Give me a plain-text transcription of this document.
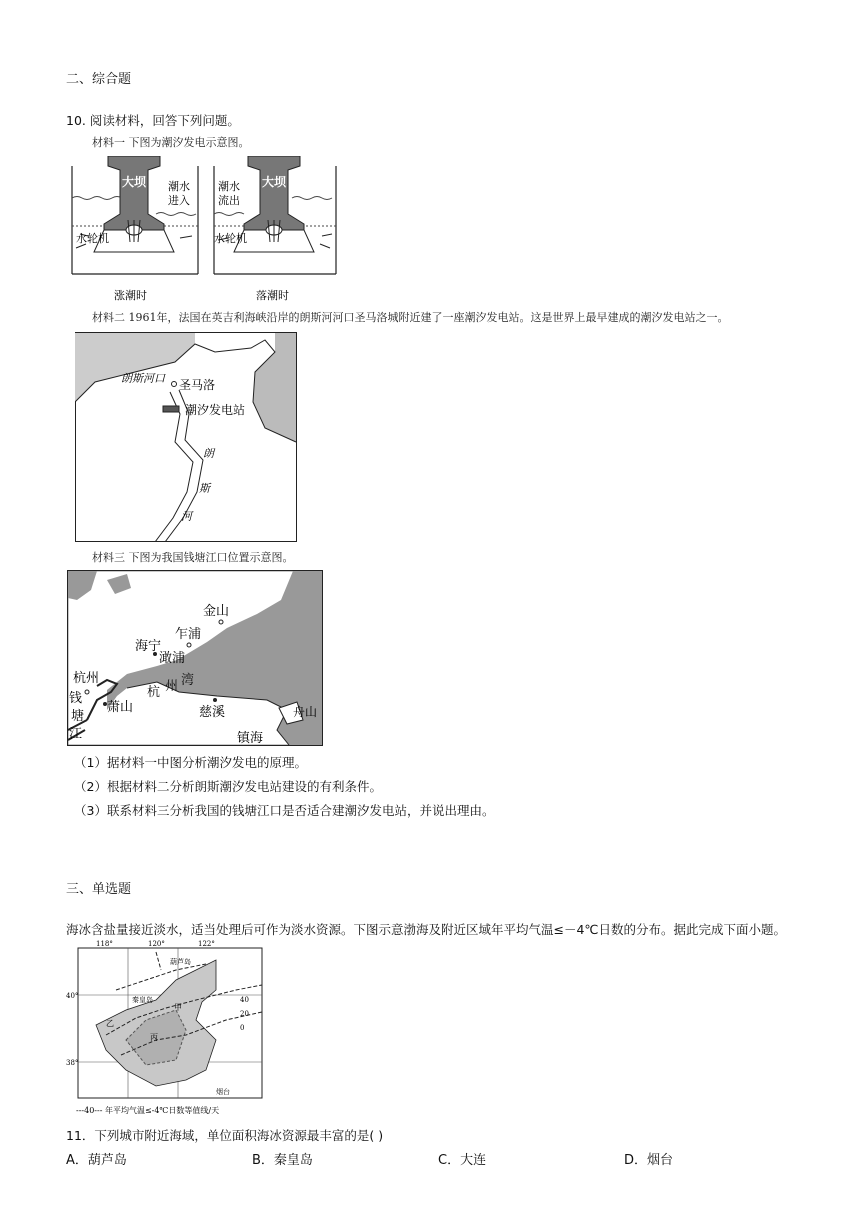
二、综合题
10. 阅读材料，回答下列问题。
材料一 下图为潮汐发电示意图。
大坝 潮水
进入
水轮机
涨潮时
大坝
潮水
流出
水轮机
落潮时
材料二 1961年，法国在英吉利海峡沿岸的朗斯河河口圣马洛城附近建了一座潮汐发电站。这是世界上最早建成的潮汐发电站之一。
朗斯河口 圣马洛
潮汐发电站
朗
斯
河
材料三 下图为我国钱塘江口位置示意图。
金山
乍浦
海宁
澉浦
杭州
杭 州 湾
萧山	慈溪
镇海
钱
塘
江
舟山
（1）据材料一中图分析潮汐发电的原理。
（2）根据材料二分析朗斯潮汐发电站建设的有利条件。
（3）联系材料三分析我国的钱塘江口是否适合建潮汐发电站，并说出理由。
三、单选题
海冰含盐量接近淡水，适当处理后可作为淡水资源。下图示意渤海及附近区域年平均气温≤－4℃日数的分布。据此完成下面小题。
118°	120°	122°
40°
38°
葫芦岛
秦皇岛
甲
乙
丙
烟台
40
20
0
---40--- 年平均气温≤-4℃日数等值线/天
11．下列城市附近海域，单位面积海冰资源最丰富的是( )
A．葫芦岛	B．秦皇岛	C．大连	D．烟台
